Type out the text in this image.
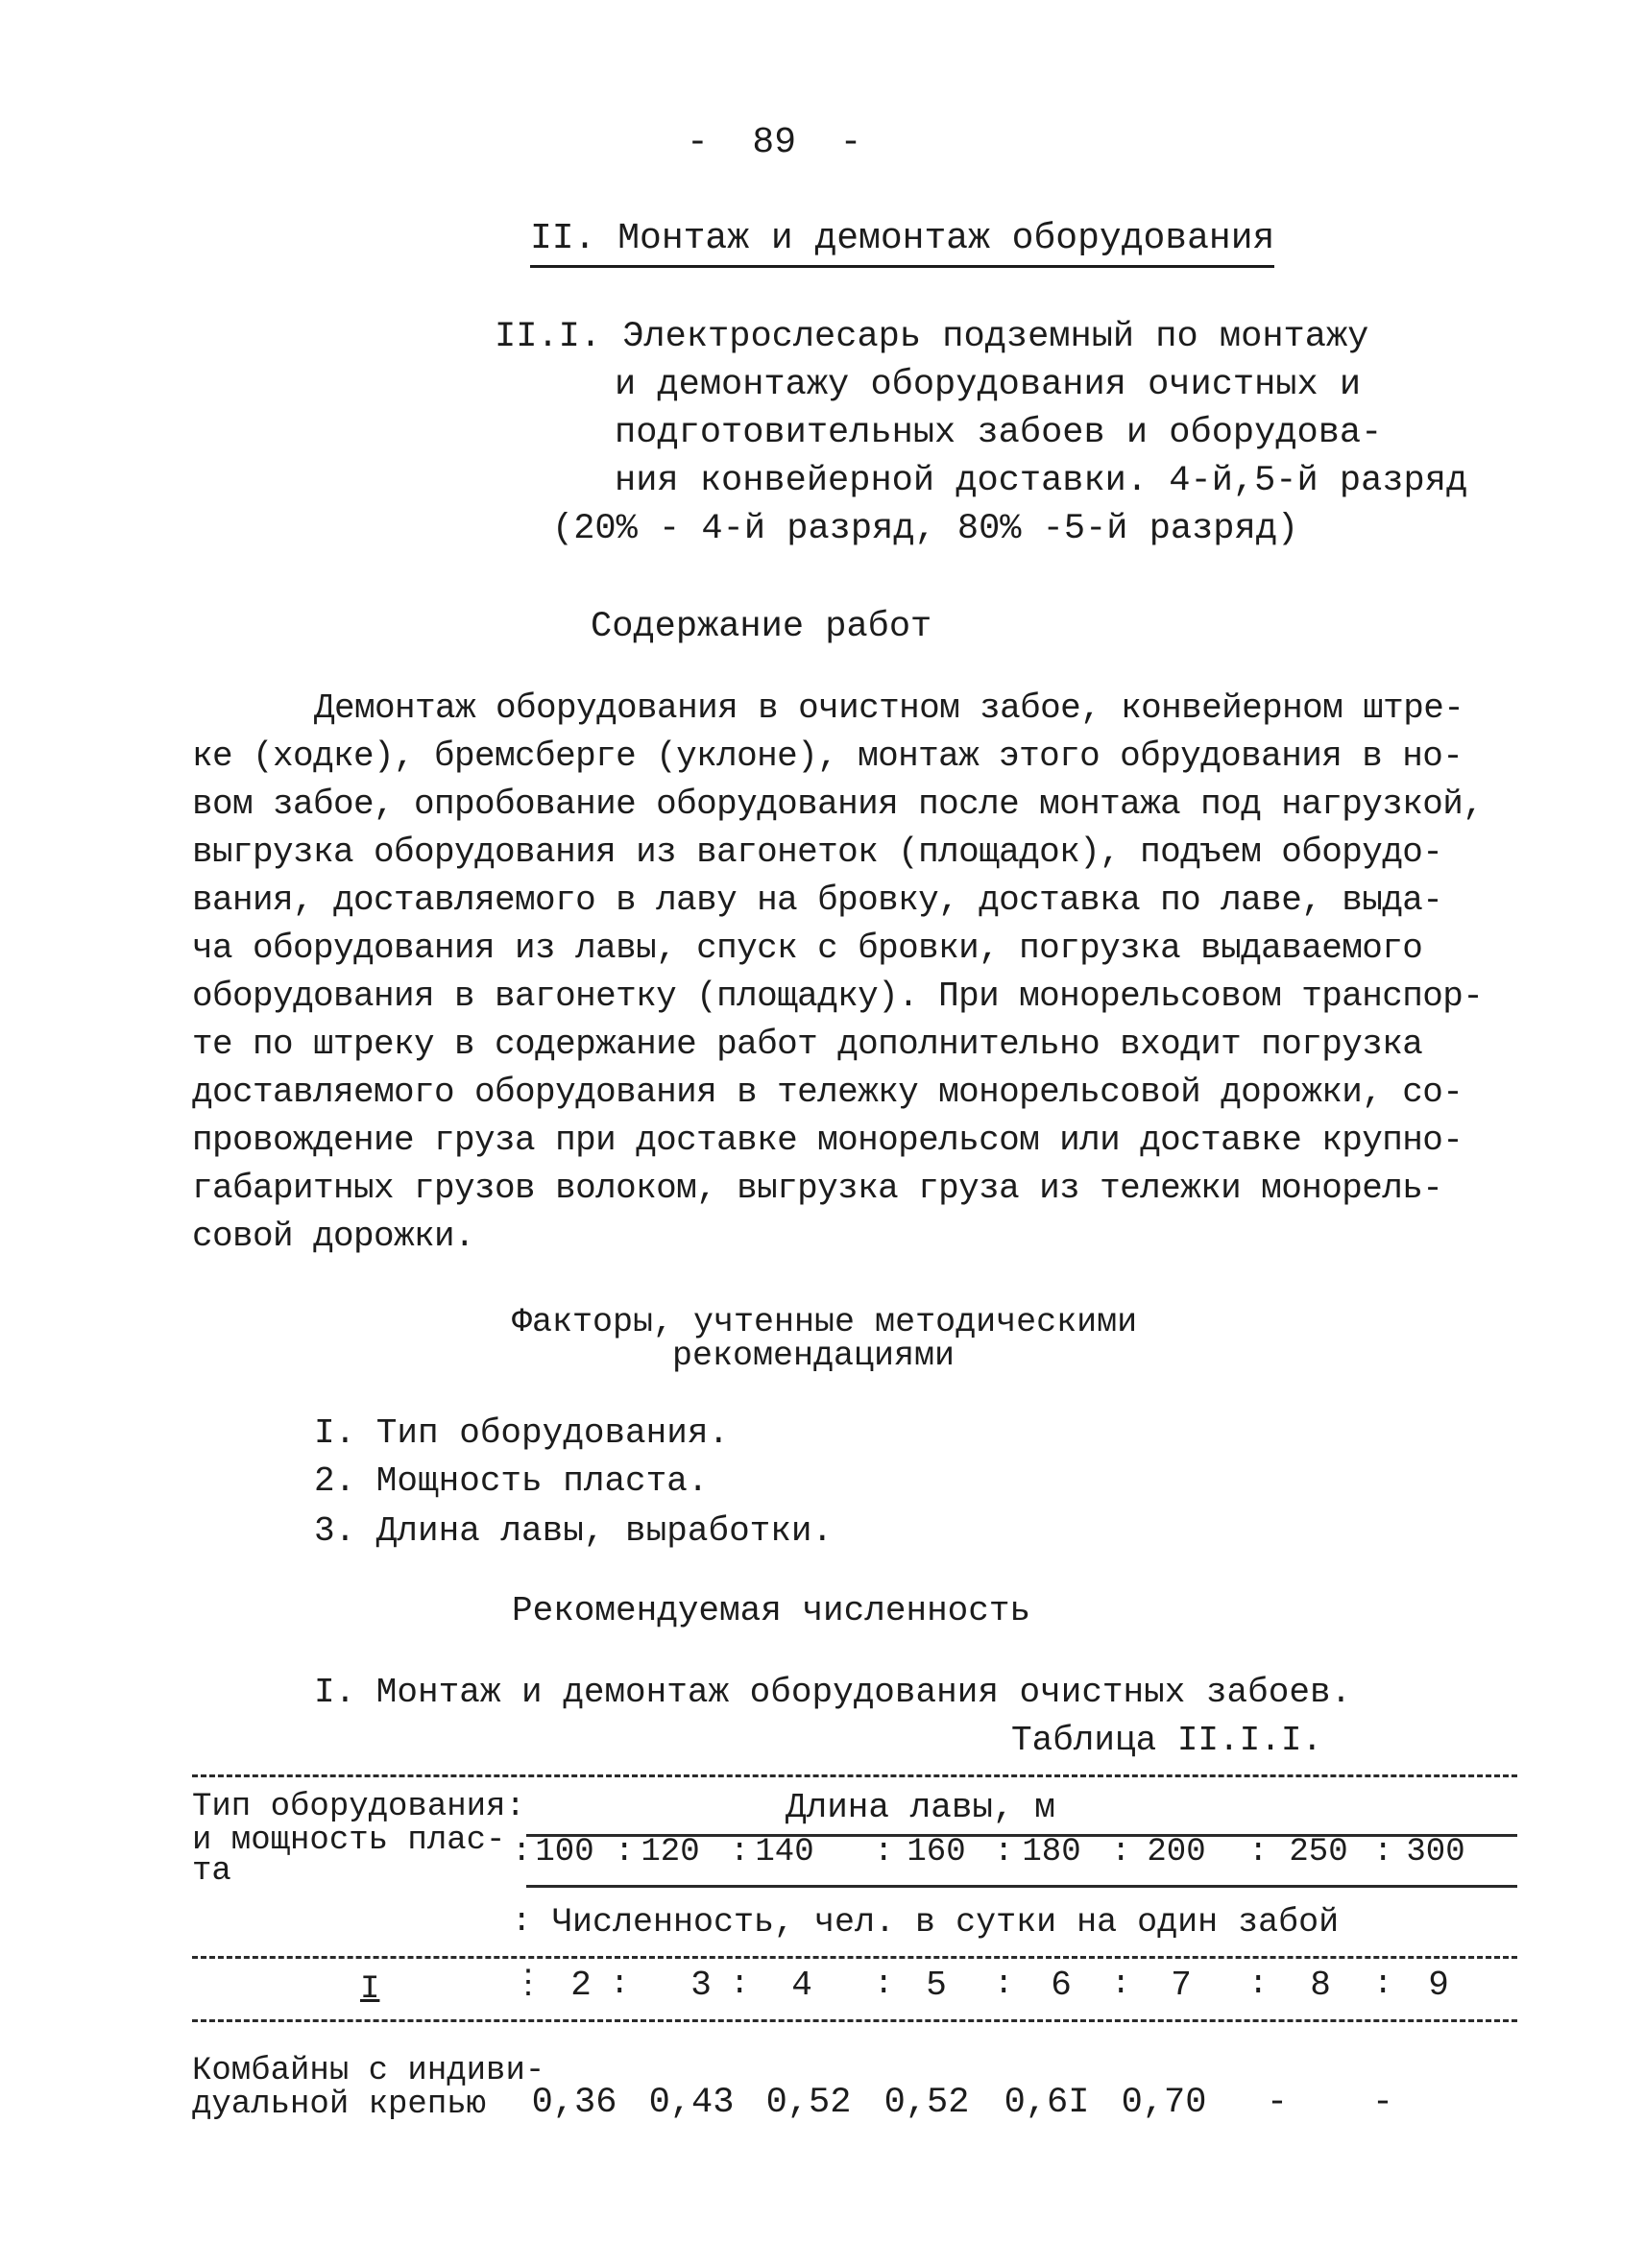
-  89  -
II. Монтаж и демонтаж оборудования
II.I. Электрослесарь подземный по монтажу
и демонтажу оборудования очистных и
подготовительных забоев и оборудова-
ния конвейерной доставки. 4-й,5-й разряд
(20% - 4-й разряд, 80% -5-й разряд)
Содержание работ
Демонтаж оборудования в очистном забое, конвейерном штре-
ке (ходке), бремсберге (уклоне), монтаж этого обрудования в но-
вом забое, опробование оборудования после монтажа под нагрузкой,
выгрузка оборудования из вагонеток (площадок), подъем оборудо-
вания, доставляемого в лаву на бровку, доставка по лаве, выда-
ча оборудования из лавы, спуск с бровки, погрузка выдаваемого
оборудования в вагонетку (площадку). При монорельсовом транспор-
те по штреку в содержание работ дополнительно входит погрузка
доставляемого оборудования в тележку монорельсовой дорожки, со-
провождение груза при доставке монорельсом или доставке крупно-
габаритных грузов волоком, выгрузка груза из тележки монорель-
совой дорожки.
Факторы, учтенные методическими
рекомендациями
I. Тип оборудования.
2. Мощность пласта.
3. Длина лавы, выработки.
Рекомендуемая численность
I. Монтаж и демонтаж оборудования очистных забоев.
Таблица II.I.I.
Тип оборудования:
и мощность плас-
та
Длина лавы, м
: 100 : 120 : 140 : 160 : 180 : 200 : 250 : 300
: Численность, чел. в сутки на один забой
I	⋮ 2 : 3 : 4 : 5 : 6 : 7 : 8 : 9
Комбайны с индиви-
дуальной крепью 0,36 0,43 0,52 0,52 0,6I 0,70	-	-
